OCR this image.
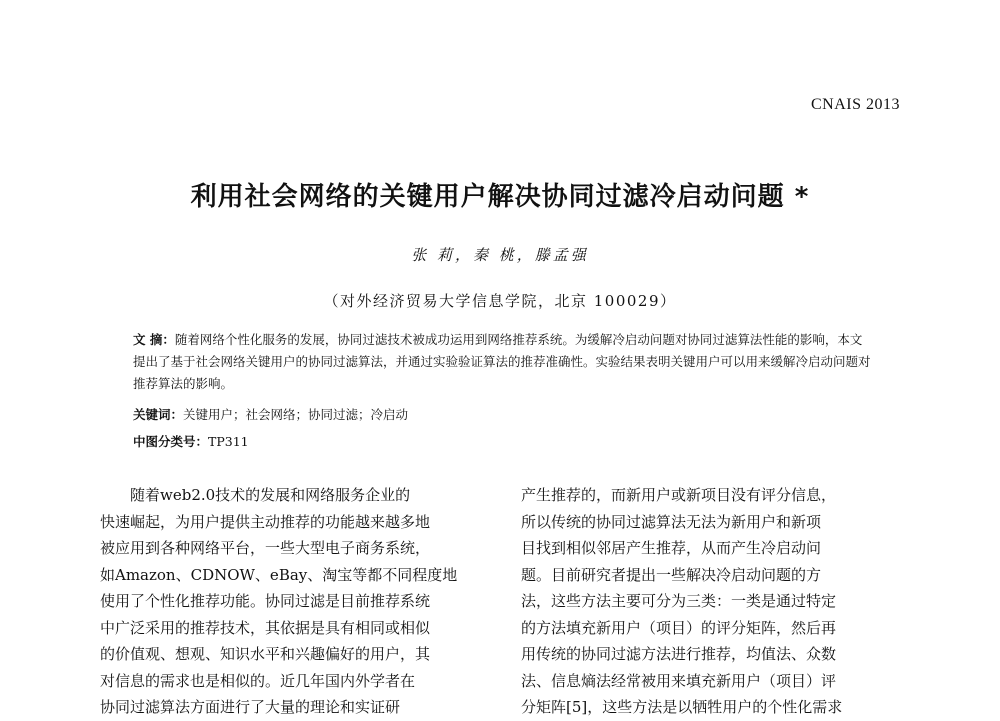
CNAIS 2013
利用社会网络的关键用户解决协同过滤冷启动问题 *
张 莉，秦 桃，滕孟强
（对外经济贸易大学信息学院，北京 100029）
文 摘：随着网络个性化服务的发展，协同过滤技术被成功运用到网络推荐系统。为缓解冷启动问题对协同过滤算法性能的影响，本文提出了基于社会网络关键用户的协同过滤算法，并通过实验验证算法的推荐准确性。实验结果表明关键用户可以用来缓解冷启动问题对推荐算法的影响。
关键词：关键用户；社会网络；协同过滤；冷启动
中图分类号：TP311
随着web2.0技术的发展和网络服务企业的
快速崛起，为用户提供主动推荐的功能越来越多地
被应用到各种网络平台，一些大型电子商务系统，
如Amazon、CDNOW、eBay、淘宝等都不同程度地
使用了个性化推荐功能。协同过滤是目前推荐系统
中广泛采用的推荐技术，其依据是具有相同或相似
的价值观、想观、知识水平和兴趣偏好的用户，其
对信息的需求也是相似的。近几年国内外学者在
协同过滤算法方面进行了大量的理论和实证研
产生推荐的，而新用户或新项目没有评分信息，
所以传统的协同过滤算法无法为新用户和新项
目找到相似邻居产生推荐，从而产生冷启动问
题。目前研究者提出一些解决冷启动问题的方
法，这些方法主要可分为三类：一类是通过特定
的方法填充新用户（项目）的评分矩阵，然后再
用传统的协同过滤方法进行推荐，均值法、众数
法、信息熵法经常被用来填充新用户（项目）评
分矩阵[5]，这些方法是以牺牲用户的个性化需求
